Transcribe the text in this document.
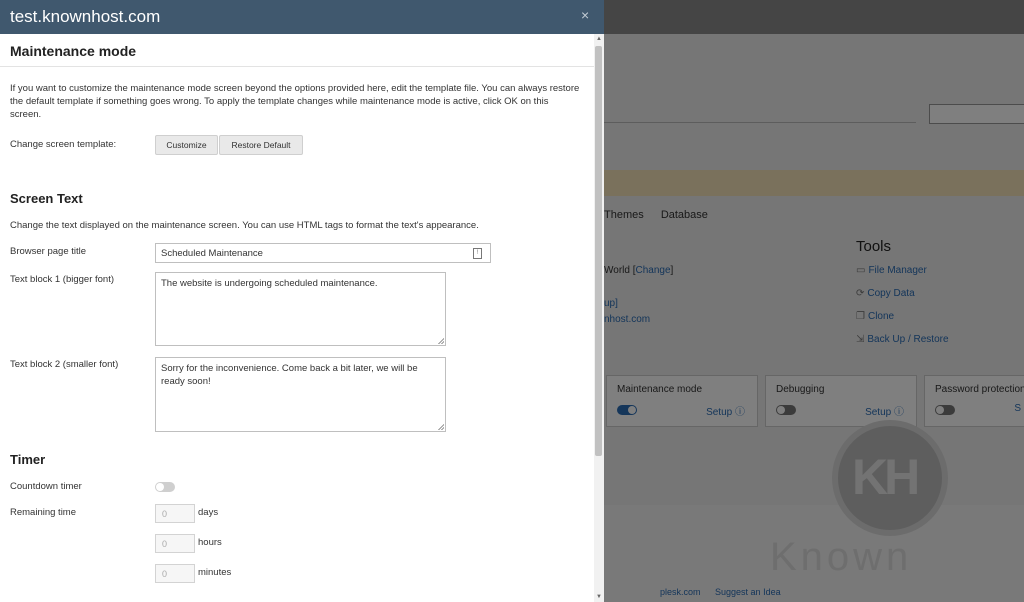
test.knownhost.com	×
Maintenance mode
If you want to customize the maintenance mode screen beyond the options provided here, edit the template file. You can always restore the default template if something goes wrong. To apply the template changes while maintenance mode is active, click OK on this screen.
Change screen template:	Customize	Restore Default
Screen Text
Change the text displayed on the maintenance screen. You can use HTML tags to format the text's appearance.
Browser page title	Scheduled Maintenance	!
Text block 1 (bigger font)	The website is undergoing scheduled maintenance.
Text block 2 (smaller font)	Sorry for the inconvenience. Come back a bit later, we will be ready soon!
Timer
Countdown timer
Remaining time	0	days
0	hours
0	minutes
▲
▼
